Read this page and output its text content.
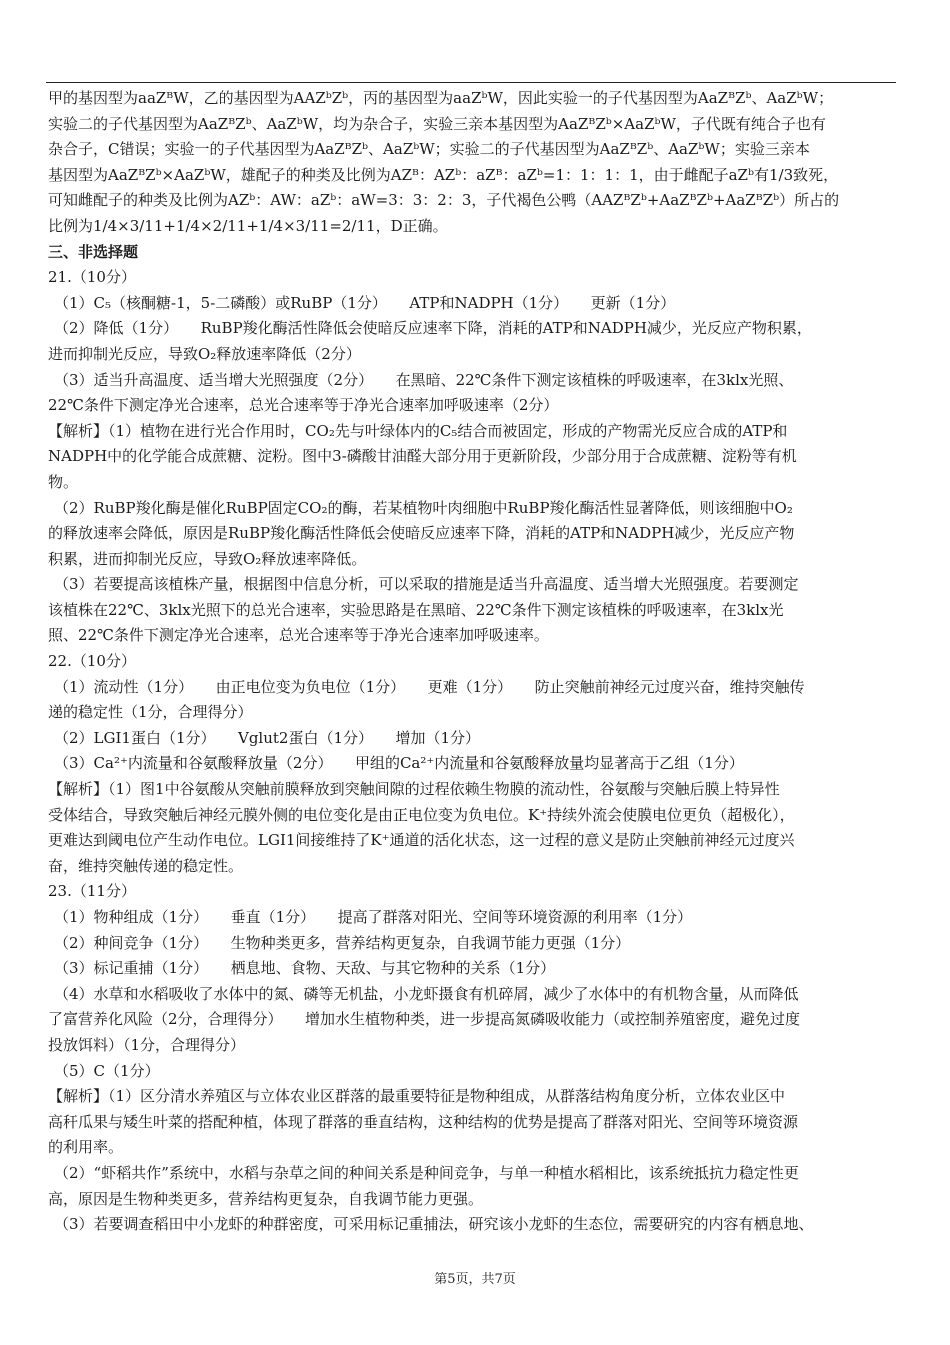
甲的基因型为aaZᴮW，乙的基因型为AAZᵇZᵇ，丙的基因型为aaZᵇW，因此实验一的子代基因型为AaZᴮZᵇ、AaZᵇW；

实验二的子代基因型为AaZᴮZᵇ、AaZᵇW，均为杂合子，实验三亲本基因型为AaZᴮZᵇ×AaZᵇW，子代既有纯合子也有

杂合子，C错误；实验一的子代基因型为AaZᴮZᵇ、AaZᵇW；实验二的子代基因型为AaZᴮZᵇ、AaZᵇW；实验三亲本

基因型为AaZᴮZᵇ×AaZᵇW，雄配子的种类及比例为AZᴮ：AZᵇ：aZᴮ：aZᵇ=1：1：1：1，由于雌配子aZᵇ有1/3致死，

可知雌配子的种类及比例为AZᵇ：AW：aZᵇ：aW=3：3：2：3，子代褐色公鸭（AAZᴮZᵇ+AaZᴮZᵇ+AaZᴮZᵇ）所占的

比例为1/4×3/11+1/4×2/11+1/4×3/11=2/11，D正确。

三、非选择题

21.（10分）

（1）C₅（核酮糖-1，5-二磷酸）或RuBP（1分）　　ATP和NADPH（1分）　　更新（1分）

（2）降低（1分）　　RuBP羧化酶活性降低会使暗反应速率下降，消耗的ATP和NADPH减少，光反应产物积累，

进而抑制光反应，导致O₂释放速率降低（2分）

（3）适当升高温度、适当增大光照强度（2分）　　在黑暗、22℃条件下测定该植株的呼吸速率，在3klx光照、

22℃条件下测定净光合速率，总光合速率等于净光合速率加呼吸速率（2分）

【解析】（1）植物在进行光合作用时，CO₂先与叶绿体内的C₅结合而被固定，形成的产物需光反应合成的ATP和

NADPH中的化学能合成蔗糖、淀粉。图中3-磷酸甘油醛大部分用于更新阶段，少部分用于合成蔗糖、淀粉等有机

物。

（2）RuBP羧化酶是催化RuBP固定CO₂的酶，若某植物叶肉细胞中RuBP羧化酶活性显著降低，则该细胞中O₂

的释放速率会降低，原因是RuBP羧化酶活性降低会使暗反应速率下降，消耗的ATP和NADPH减少，光反应产物

积累，进而抑制光反应，导致O₂释放速率降低。

（3）若要提高该植株产量，根据图中信息分析，可以采取的措施是适当升高温度、适当增大光照强度。若要测定

该植株在22℃、3klx光照下的总光合速率，实验思路是在黑暗、22℃条件下测定该植株的呼吸速率，在3klx光

照、22℃条件下测定净光合速率，总光合速率等于净光合速率加呼吸速率。

22.（10分）

（1）流动性（1分）　　由正电位变为负电位（1分）　　更难（1分）　　防止突触前神经元过度兴奋，维持突触传

递的稳定性（1分，合理得分）

（2）LGI1蛋白（1分）　　Vglut2蛋白（1分）　　增加（1分）

（3）Ca²⁺内流量和谷氨酸释放量（2分）　　甲组的Ca²⁺内流量和谷氨酸释放量均显著高于乙组（1分）

【解析】（1）图1中谷氨酸从突触前膜释放到突触间隙的过程依赖生物膜的流动性，谷氨酸与突触后膜上特异性

受体结合，导致突触后神经元膜外侧的电位变化是由正电位变为负电位。K⁺持续外流会使膜电位更负（超极化），

更难达到阈电位产生动作电位。LGI1间接维持了K⁺通道的活化状态，这一过程的意义是防止突触前神经元过度兴

奋，维持突触传递的稳定性。

23.（11分）

（1）物种组成（1分）　　垂直（1分）　　提高了群落对阳光、空间等环境资源的利用率（1分）

（2）种间竞争（1分）　　生物种类更多，营养结构更复杂，自我调节能力更强（1分）

（3）标记重捕（1分）　　栖息地、食物、天敌、与其它物种的关系（1分）

（4）水草和水稻吸收了水体中的氮、磷等无机盐，小龙虾摄食有机碎屑，减少了水体中的有机物含量，从而降低

了富营养化风险（2分，合理得分）　　增加水生植物种类，进一步提高氮磷吸收能力（或控制养殖密度，避免过度

投放饵料）（1分，合理得分）

（5）C（1分）

【解析】（1）区分清水养殖区与立体农业区群落的最重要特征是物种组成，从群落结构角度分析，立体农业区中

高秆瓜果与矮生叶菜的搭配种植，体现了群落的垂直结构，这种结构的优势是提高了群落对阳光、空间等环境资源

的利用率。

（2）“虾稻共作”系统中，水稻与杂草之间的种间关系是种间竞争，与单一种植水稻相比，该系统抵抗力稳定性更

高，原因是生物种类更多，营养结构更复杂，自我调节能力更强。

（3）若要调查稻田中小龙虾的种群密度，可采用标记重捕法，研究该小龙虾的生态位，需要研究的内容有栖息地、

第5页，共7页
